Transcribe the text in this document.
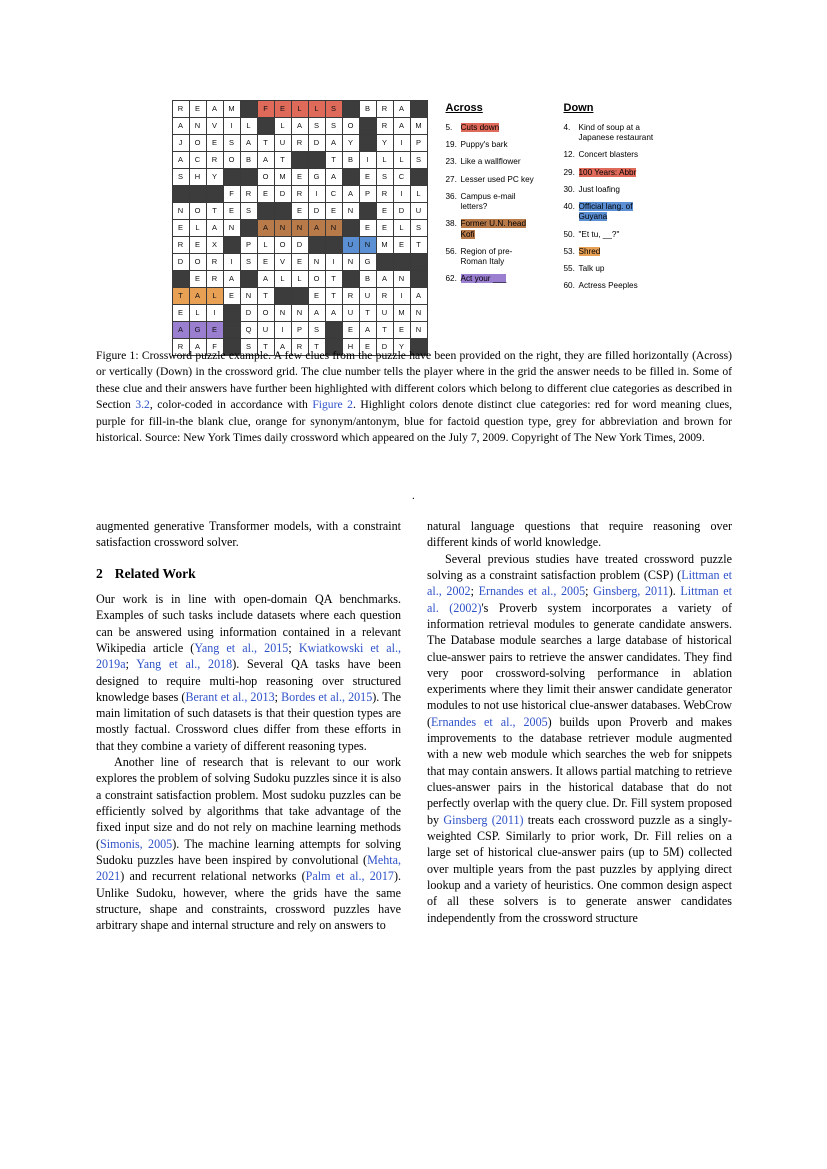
R	E	A	M		F	E	L	L	S		B	R	A	
A	N	V	I	L		L	A	S	S	O		R	A	M
J	O	E	S	A	T	U	R	D	A	Y		Y	I	P
A	C	R	O	B	A	T			T	B	I	L	L	S
S	H	Y			O	M	E	G	A		E	S	C	
			F	R	E	D	R	I	C	A	P	R	I	L
N	O	T	E	S			E	D	E	N		E	D	U
E	L	A	N		A	N	N	A	N		E	E	L	S
R	E	X		P	L	O	D			U	N	M	E	T
D	O	R	I	S	E	V	E	N	I	N	G			
	E	R	A		A	L	L	O	T		B	A	N	
T	A	L	E	N	T			E	T	R	U	R	I	A
E	L	I		D	O	N	N	A	A	U	T	U	M	N
A	G	E		Q	U	I	P	S		E	A	T	E	N
R	A	F		S	T	A	R	T		H	E	D	Y	
Across
5. Cuts down
19. Puppy's bark
23. Like a wallflower
27. Lesser used PC key
36. Campus e-mail letters?
38. Former U.N. head Kofi
56. Region of pre-Roman Italy
62. Act your ___
Down
4. Kind of soup at a Japanese restaurant
12. Concert blasters
29. 100 Years: Abbr
30. Just loafing
40. Official lang. of Guyana
50. "Et tu, __?"
53. Shred
55. Talk up
60. Actress Peeples
Figure 1: Crossword puzzle example. A few clues from the puzzle have been provided on the right, they are filled horizontally (Across) or vertically (Down) in the crossword grid. The clue number tells the player where in the grid the answer needs to be filled in. Some of these clue and their answers have further been highlighted with different colors which belong to different clue categories as described in Section 3.2, color-coded in accordance with Figure 2. Highlight colors denote distinct clue categories: red for word meaning clues, purple for fill-in-the blank clue, orange for synonym/antonym, blue for factoid question type, grey for abbreviation and brown for historical. Source: New York Times daily crossword which appeared on the July 7, 2009. Copyright of The New York Times, 2009.
.

augmented generative Transformer models, with a constraint satisfaction crossword solver.

2 Related Work

Our work is in line with open-domain QA benchmarks. Examples of such tasks include datasets where each question can be answered using information contained in a relevant Wikipedia article (Yang et al., 2015; Kwiatkowski et al., 2019a; Yang et al., 2018). Several QA tasks have been designed to require multi-hop reasoning over structured knowledge bases (Berant et al., 2013; Bordes et al., 2015). The main limitation of such datasets is that their question types are mostly factual. Crossword clues differ from these efforts in that they combine a variety of different reasoning types.

Another line of research that is relevant to our work explores the problem of solving Sudoku puzzles since it is also a constraint satisfaction problem. Most sudoku puzzles can be efficiently solved by algorithms that take advantage of the fixed input size and do not rely on machine learning methods (Simonis, 2005). The machine learning attempts for solving Sudoku puzzles have been inspired by convolutional (Mehta, 2021) and recurrent relational networks (Palm et al., 2017). Unlike Sudoku, however, where the grids have the same structure, shape and constraints, crossword puzzles have arbitrary shape and internal structure and rely on answers to

natural language questions that require reasoning over different kinds of world knowledge.

Several previous studies have treated crossword puzzle solving as a constraint satisfaction problem (CSP) (Littman et al., 2002; Ernandes et al., 2005; Ginsberg, 2011). Littman et al. (2002)'s Proverb system incorporates a variety of information retrieval modules to generate candidate answers. The Database module searches a large database of historical clue-answer pairs to retrieve the answer candidates. They find very poor crossword-solving performance in ablation experiments where they limit their answer candidate generator modules to not use historical clue-answer databases. WebCrow (Ernandes et al., 2005) builds upon Proverb and makes improvements to the database retriever module augmented with a new web module which searches the web for snippets that may contain answers. It allows partial matching to retrieve clues-answer pairs in the historical database that do not perfectly overlap with the query clue. Dr. Fill system proposed by Ginsberg (2011) treats each crossword puzzle as a singly-weighted CSP. Similarly to prior work, Dr. Fill relies on a large set of historical clue-answer pairs (up to 5M) collected over multiple years from the past puzzles by applying direct lookup and a variety of heuristics. One common design aspect of all these solvers is to generate answer candidates independently from the crossword structure
